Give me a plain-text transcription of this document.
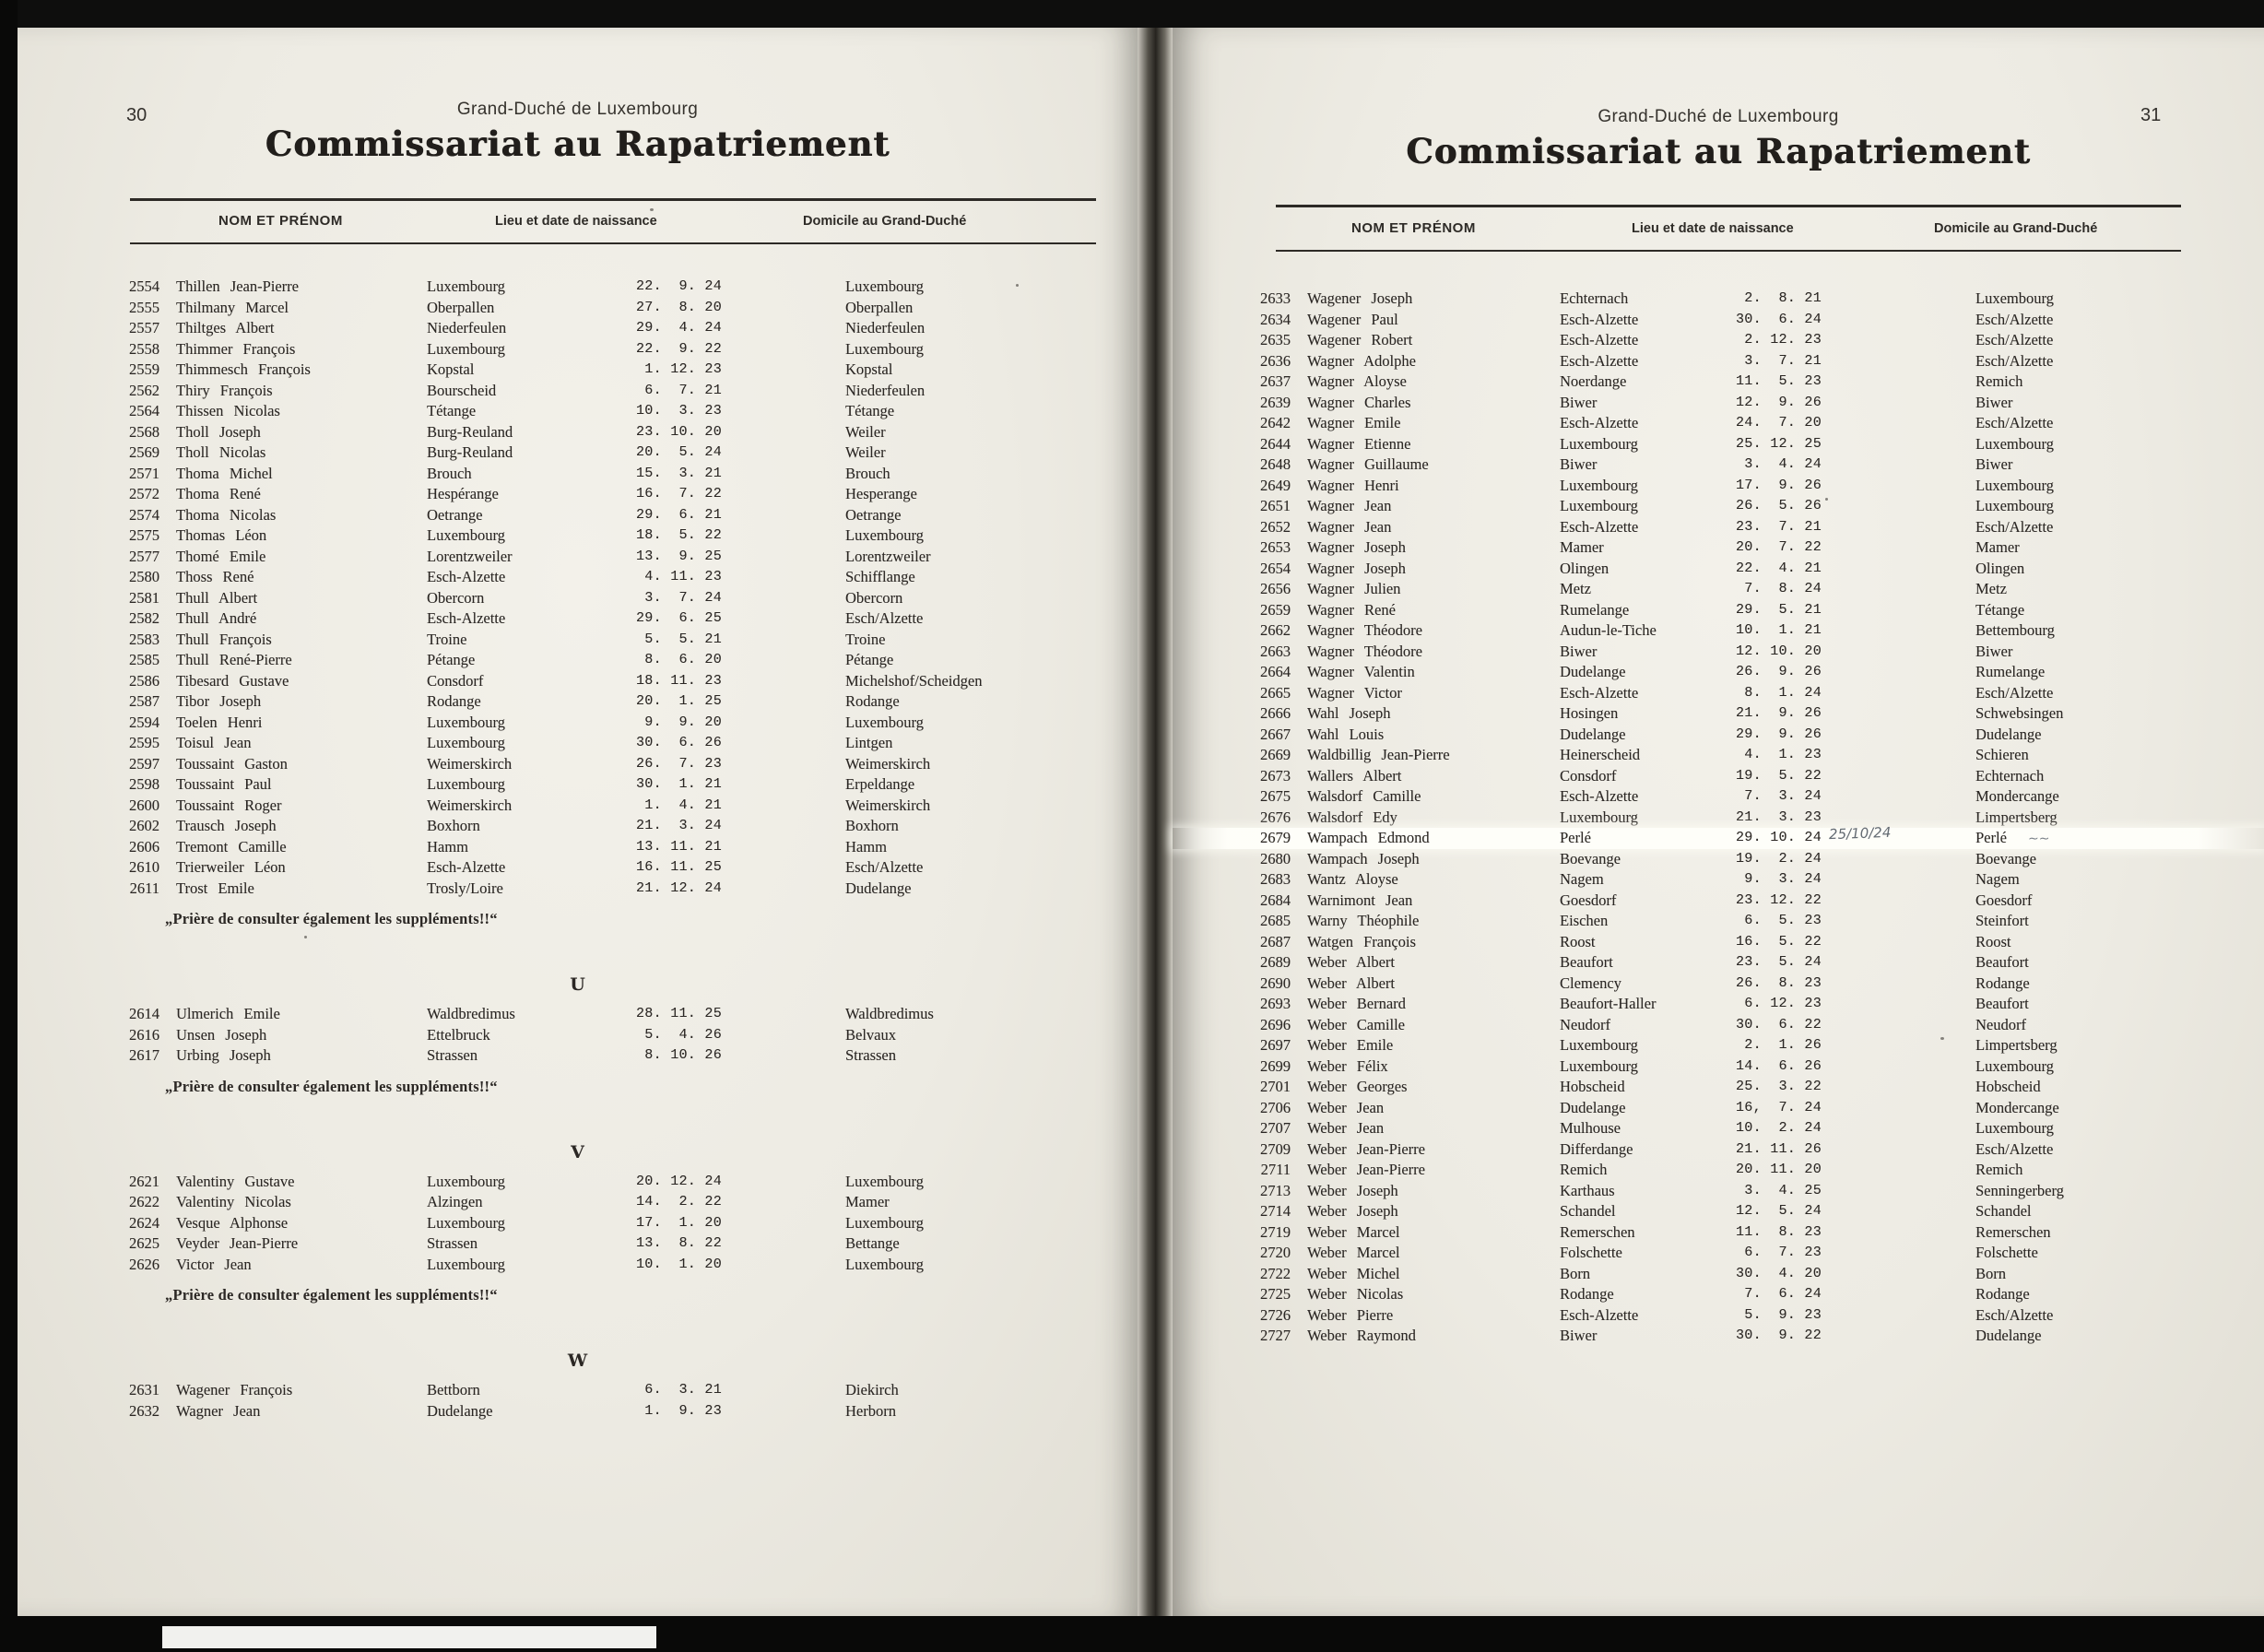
30	Grand-Duché de Luxembourg
Commissariat au Rapatriement
NOM ET PRÉNOM	Lieu et date de naissance	Domicile au Grand-Duché
2554 Thillen Jean-Pierre	Luxembourg	22.  9. 24	Luxembourg
2555 Thilmany Marcel	Oberpallen	27.  8. 20	Oberpallen
2557 Thiltges Albert	Niederfeulen	29.  4. 24	Niederfeulen
2558 Thimmer François	Luxembourg	22.  9. 22	Luxembourg
2559 Thimmesch François	Kopstal	1. 12. 23	Kopstal
2562 Thiry François	Bourscheid	6.  7. 21	Niederfeulen
2564 Thissen Nicolas	Tétange	10.  3. 23	Tétange
2568 Tholl Joseph	Burg-Reuland	23. 10. 20	Weiler
2569 Tholl Nicolas	Burg-Reuland	20.  5. 24	Weiler
2571 Thoma Michel	Brouch	15.  3. 21	Brouch
2572 Thoma René	Hespérange	16.  7. 22	Hesperange
2574 Thoma Nicolas	Oetrange	29.  6. 21	Oetrange
2575 Thomas Léon	Luxembourg	18.  5. 22	Luxembourg
2577 Thomé Emile	Lorentzweiler	13.  9. 25	Lorentzweiler
2580 Thoss René	Esch-Alzette	4. 11. 23	Schifflange
2581 Thull Albert	Obercorn	3.  7. 24	Obercorn
2582 Thull André	Esch-Alzette	29.  6. 25	Esch/Alzette
2583 Thull François	Troine	5.  5. 21	Troine
2585 Thull René-Pierre	Pétange	8.  6. 20	Pétange
2586 Tibesard Gustave	Consdorf	18. 11. 23	Michelshof/Scheidgen
2587 Tibor Joseph	Rodange	20.  1. 25	Rodange
2594 Toelen Henri	Luxembourg	9.  9. 20	Luxembourg
2595 Toisul Jean	Luxembourg	30.  6. 26	Lintgen
2597 Toussaint Gaston	Weimerskirch	26.  7. 23	Weimerskirch
2598 Toussaint Paul	Luxembourg	30.  1. 21	Erpeldange
2600 Toussaint Roger	Weimerskirch	1.  4. 21	Weimerskirch
2602 Trausch Joseph	Boxhorn	21.  3. 24	Boxhorn
2606 Tremont Camille	Hamm	13. 11. 21	Hamm
2610 Trierweiler Léon	Esch-Alzette	16. 11. 25	Esch/Alzette
2611 Trost Emile	Trosly/Loire	21. 12. 24	Dudelange
„Prière de consulter également les suppléments!!“
U
2614 Ulmerich Emile	Waldbredimus	28. 11. 25	Waldbredimus
2616 Unsen Joseph	Ettelbruck	5.  4. 26	Belvaux
2617 Urbing Joseph	Strassen	8. 10. 26	Strassen
„Prière de consulter également les suppléments!!“
V
2621 Valentiny Gustave	Luxembourg	20. 12. 24	Luxembourg
2622 Valentiny Nicolas	Alzingen	14.  2. 22	Mamer
2624 Vesque Alphonse	Luxembourg	17.  1. 20	Luxembourg
2625 Veyder Jean-Pierre	Strassen	13.  8. 22	Bettange
2626 Victor Jean	Luxembourg	10.  1. 20	Luxembourg
„Prière de consulter également les suppléments!!“
W
2631 Wagener François	Bettborn	6.  3. 21	Diekirch
2632 Wagner Jean	Dudelange	1.  9. 23	Herborn
31
Grand-Duché de Luxembourg
Commissariat au Rapatriement
NOM ET PRÉNOM	Lieu et date de naissance	Domicile au Grand-Duché
2633 Wagener Joseph	Echternach	2.  8. 21	Luxembourg
2634 Wagener Paul	Esch-Alzette	30.  6. 24	Esch/Alzette
2635 Wagener Robert	Esch-Alzette	2. 12. 23	Esch/Alzette
2636 Wagner Adolphe	Esch-Alzette	3.  7. 21	Esch/Alzette
2637 Wagner Aloyse	Noerdange	11.  5. 23	Remich
2639 Wagner Charles	Biwer	12.  9. 26	Biwer
2642 Wagner Emile	Esch-Alzette	24.  7. 20	Esch/Alzette
2644 Wagner Etienne	Luxembourg	25. 12. 25	Luxembourg
2648 Wagner Guillaume	Biwer	3.  4. 24	Biwer
2649 Wagner Henri	Luxembourg	17.  9. 26	Luxembourg
2651 Wagner Jean	Luxembourg	26.  5. 26	Luxembourg
2652 Wagner Jean	Esch-Alzette	23.  7. 21	Esch/Alzette
2653 Wagner Joseph	Mamer	20.  7. 22	Mamer
2654 Wagner Joseph	Olingen	22.  4. 21	Olingen
2656 Wagner Julien	Metz	7.  8. 24	Metz
2659 Wagner René	Rumelange	29.  5. 21	Tétange
2662 Wagner Théodore	Audun-le-Tiche	10.  1. 21	Bettembourg
2663 Wagner Théodore	Biwer	12. 10. 20	Biwer
2664 Wagner Valentin	Dudelange	26.  9. 26	Rumelange
2665 Wagner Victor	Esch-Alzette	8.  1. 24	Esch/Alzette
2666 Wahl Joseph	Hosingen	21.  9. 26	Schwebsingen
2667 Wahl Louis	Dudelange	29.  9. 26	Dudelange
2669 Waldbillig Jean-Pierre	Heinerscheid	4.  1. 23	Schieren
2673 Wallers Albert	Consdorf	19.  5. 22	Echternach
2675 Walsdorf Camille	Esch-Alzette	7.  3. 24	Mondercange
2676 Walsdorf Edy	Luxembourg	21.  3. 23	Limpertsberg
2679 Wampach Edmond	Perlé	29. 10. 24 25/10/24	Perlé ∼∼
2680 Wampach Joseph	Boevange	19.  2. 24	Boevange
2683 Wantz Aloyse	Nagem	9.  3. 24	Nagem
2684 Warnimont Jean	Goesdorf	23. 12. 22	Goesdorf
2685 Warny Théophile	Eischen	6.  5. 23	Steinfort
2687 Watgen François	Roost	16.  5. 22	Roost
2689 Weber Albert	Beaufort	23.  5. 24	Beaufort
2690 Weber Albert	Clemency	26.  8. 23	Rodange
2693 Weber Bernard	Beaufort-Haller	6. 12. 23	Beaufort
2696 Weber Camille	Neudorf	30.  6. 22	Neudorf
2697 Weber Emile	Luxembourg	2.  1. 26	Limpertsberg
2699 Weber Félix	Luxembourg	14.  6. 26	Luxembourg
2701 Weber Georges	Hobscheid	25.  3. 22	Hobscheid
2706 Weber Jean	Dudelange	16,  7. 24	Mondercange
2707 Weber Jean	Mulhouse	10.  2. 24	Luxembourg
2709 Weber Jean-Pierre	Differdange	21. 11. 26	Esch/Alzette
2711 Weber Jean-Pierre	Remich	20. 11. 20	Remich
2713 Weber Joseph	Karthaus	3.  4. 25	Senningerberg
2714 Weber Joseph	Schandel	12.  5. 24	Schandel
2719 Weber Marcel	Remerschen	11.  8. 23	Remerschen
2720 Weber Marcel	Folschette	6.  7. 23	Folschette
2722 Weber Michel	Born	30.  4. 20	Born
2725 Weber Nicolas	Rodange	7.  6. 24	Rodange
2726 Weber Pierre	Esch-Alzette	5.  9. 23	Esch/Alzette
2727 Weber Raymond	Biwer	30.  9. 22	Dudelange
